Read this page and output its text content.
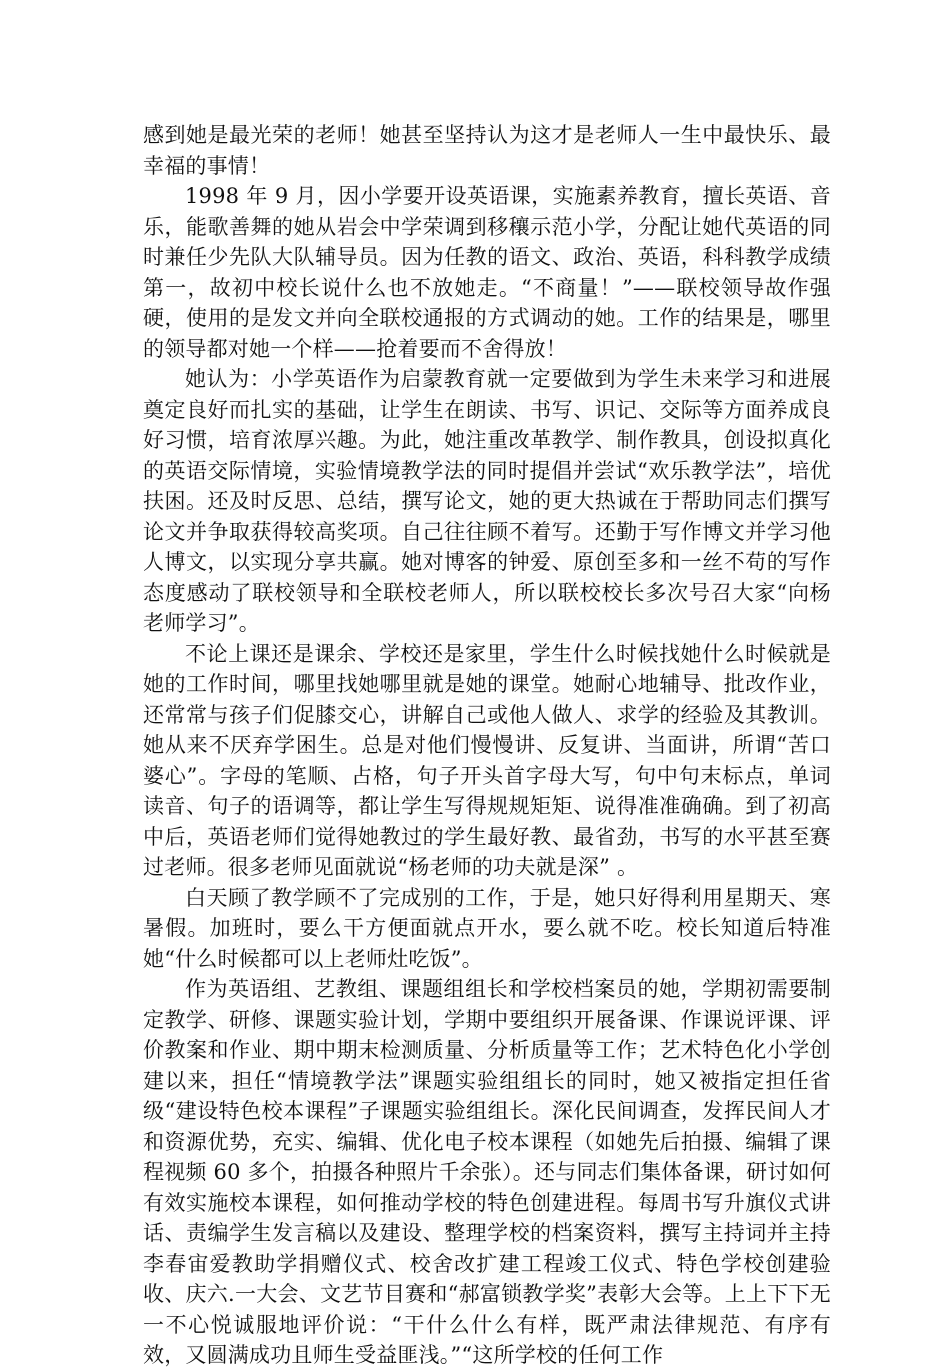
感到她是最光荣的老师！她甚至坚持认为这才是老师人一生中最快乐、最幸福的事情！

1998 年 9 月，因小学要开设英语课，实施素养教育，擅长英语、音乐，能歌善舞的她从岩会中学荣调到移穰示范小学，分配让她代英语的同时兼任少先队大队辅导员。因为任教的语文、政治、英语，科科教学成绩第一，故初中校长说什么也不放她走。“不商量！”——联校领导故作强硬，使用的是发文并向全联校通报的方式调动的她。工作的结果是，哪里的领导都对她一个样——抢着要而不舍得放！

她认为：小学英语作为启蒙教育就一定要做到为学生未来学习和进展奠定良好而扎实的基础，让学生在朗读、书写、识记、交际等方面养成良好习惯，培育浓厚兴趣。为此，她注重改革教学、制作教具，创设拟真化的英语交际情境，实验情境教学法的同时提倡并尝试“欢乐教学法”，培优扶困。还及时反思、总结，撰写论文，她的更大热诚在于帮助同志们撰写论文并争取获得较高奖项。自己往往顾不着写。还勤于写作博文并学习他人博文，以实现分享共赢。她对博客的钟爱、原创至多和一丝不苟的写作态度感动了联校领导和全联校老师人，所以联校校长多次号召大家“向杨老师学习”。

不论上课还是课余、学校还是家里，学生什么时候找她什么时候就是她的工作时间，哪里找她哪里就是她的课堂。她耐心地辅导、批改作业，还常常与孩子们促膝交心，讲解自己或他人做人、求学的经验及其教训。她从来不厌弃学困生。总是对他们慢慢讲、反复讲、当面讲，所谓“苦口婆心”。字母的笔顺、占格，句子开头首字母大写，句中句末标点，单词读音、句子的语调等，都让学生写得规规矩矩、说得准准确确。到了初高中后，英语老师们觉得她教过的学生最好教、最省劲，书写的水平甚至赛过老师。很多老师见面就说“杨老师的功夫就是深” 。

白天顾了教学顾不了完成别的工作，于是，她只好得利用星期天、寒暑假。加班时，要么干方便面就点开水，要么就不吃。校长知道后特准她“什么时候都可以上老师灶吃饭”。

作为英语组、艺教组、课题组组长和学校档案员的她，学期初需要制定教学、研修、课题实验计划，学期中要组织开展备课、作课说评课、评价教案和作业、期中期末检测质量、分析质量等工作；艺术特色化小学创建以来，担任“情境教学法”课题实验组组长的同时，她又被指定担任省级“建设特色校本课程”子课题实验组组长。深化民间调查，发挥民间人才和资源优势，充实、编辑、优化电子校本课程（如她先后拍摄、编辑了课程视频 60 多个，拍摄各种照片千余张）。还与同志们集体备课，研讨如何有效实施校本课程，如何推动学校的特色创建进程。每周书写升旗仪式讲话、责编学生发言稿以及建设、整理学校的档案资料，撰写主持词并主持李春宙爱教助学捐赠仪式、校舍改扩建工程竣工仪式、特色学校创建验收、庆六.一大会、文艺节目赛和“郝富锁教学奖”表彰大会等。上上下下无一不心悦诚服地评价说：“干什么什么有样，既严肃法律规范、有序有效，又圆满成功且师生受益匪浅。”“这所学校的任何工作
